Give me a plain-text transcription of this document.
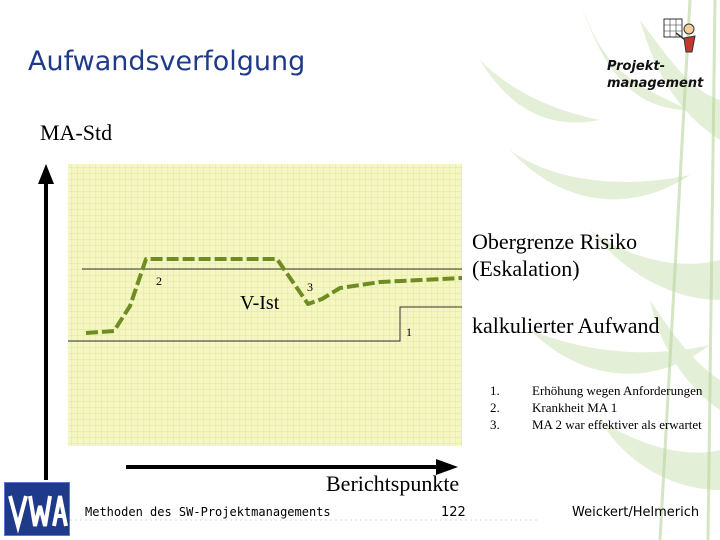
Aufwandsverfolgung	Projekt- management
MA-Std
2	3
1
V-Ist
Obergrenze Risiko (Eskalation)
kalkulierter Aufwand
1.	Erhöhung wegen Anforderungen
2.	Krankheit MA 1
3.	MA 2 war effektiver als erwartet
Berichtspunkte
Methoden des SW-Projektmanagements	122	Weickert/Helmerich
